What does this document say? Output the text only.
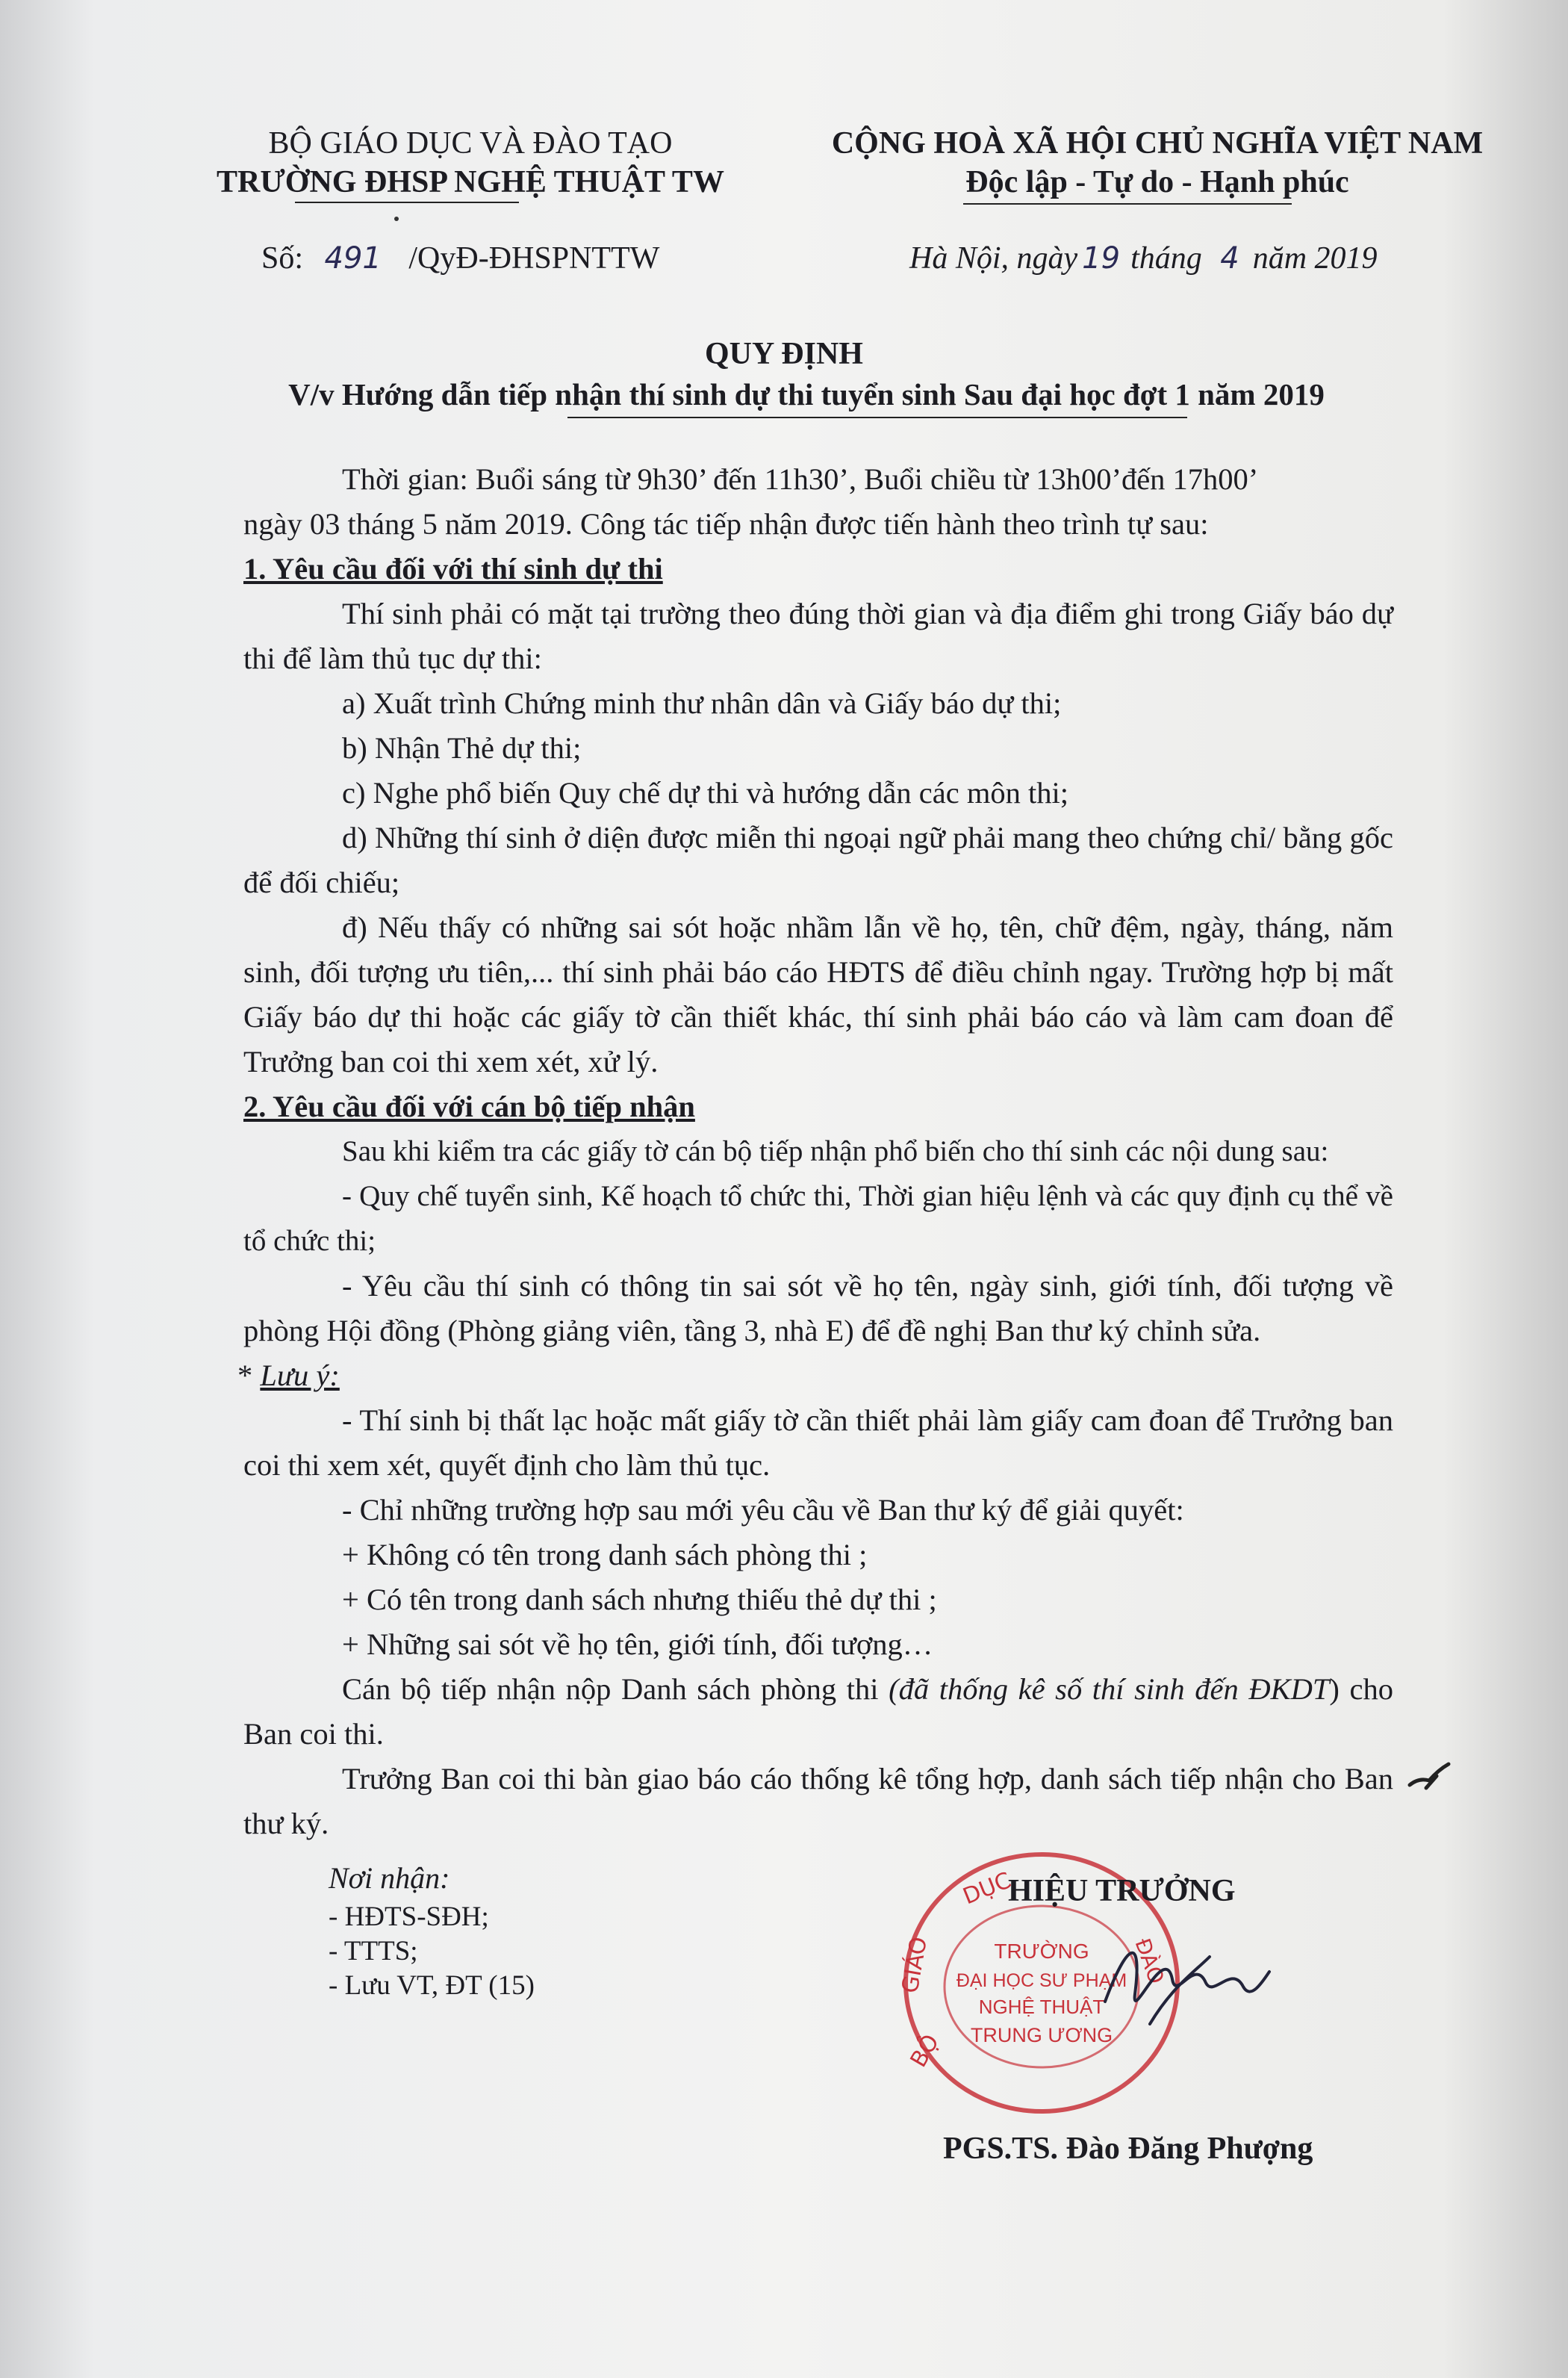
BỘ GIÁO DỤC VÀ ĐÀO TẠO
TRƯỜNG ĐHSP NGHỆ THUẬT TW
CỘNG HOÀ XÃ HỘI CHỦ NGHĨA VIỆT NAM
Độc lập - Tự do - Hạnh phúc
Số: 491 /QyĐ-ĐHSPNTTW	Hà Nội, ngày 19 tháng 4 năm 2019
QUY ĐỊNH
V/v Hướng dẫn tiếp nhận thí sinh dự thi tuyển sinh Sau đại học đợt 1 năm 2019

Thời gian: Buổi sáng từ 9h30’ đến 11h30’, Buổi chiều từ 13h00’đến 17h00’

ngày 03 tháng 5 năm 2019. Công tác tiếp nhận được tiến hành theo trình tự sau:

1. Yêu cầu đối với thí sinh dự thi

Thí sinh phải có mặt tại trường theo đúng thời gian và địa điểm ghi trong Giấy báo dự thi để làm thủ tục dự thi:

a) Xuất trình Chứng minh thư nhân dân và Giấy báo dự thi;

b) Nhận Thẻ dự thi;

c) Nghe phổ biến Quy chế dự thi và hướng dẫn các môn thi;

d) Những thí sinh ở diện được miễn thi ngoại ngữ phải mang theo chứng chỉ/ bằng gốc để đối chiếu;

đ) Nếu thấy có những sai sót hoặc nhầm lẫn về họ, tên, chữ đệm, ngày, tháng, năm sinh, đối tượng ưu tiên,... thí sinh phải báo cáo HĐTS để điều chỉnh ngay. Trường hợp bị mất Giấy báo dự thi hoặc các giấy tờ cần thiết khác, thí sinh phải báo cáo và làm cam đoan để Trưởng ban coi thi xem xét, xử lý.

2. Yêu cầu đối với cán bộ tiếp nhận

Sau khi kiểm tra các giấy tờ cán bộ tiếp nhận phổ biến cho thí sinh các nội dung sau:

- Quy chế tuyển sinh, Kế hoạch tổ chức thi, Thời gian hiệu lệnh và các quy định cụ thể về tổ chức thi;

- Yêu cầu thí sinh có thông tin sai sót về họ tên, ngày sinh, giới tính, đối tượng về phòng Hội đồng (Phòng giảng viên, tầng 3, nhà E) để đề nghị Ban thư ký chỉnh sửa.

* Lưu ý:

- Thí sinh bị thất lạc hoặc mất giấy tờ cần thiết phải làm giấy cam đoan để Trưởng ban coi thi xem xét, quyết định cho làm thủ tục.

- Chỉ những trường hợp sau mới yêu cầu về Ban thư ký để giải quyết:

+ Không có tên trong danh sách phòng thi ;

+ Có tên trong danh sách nhưng thiếu thẻ dự thi ;

+ Những sai sót về họ tên, giới tính, đối tượng…

Cán bộ tiếp nhận nộp Danh sách phòng thi (đã thống kê số thí sinh đến ĐKDT) cho Ban coi thi.

Trưởng Ban coi thi bàn giao báo cáo thống kê tổng hợp, danh sách tiếp nhận cho Ban thư ký.

Nơi nhận:
- HĐTS-SĐH;
- TTTS;
- Lưu VT, ĐT (15)
DỤC
GIÁO
BỘ
ĐÀO
TRƯỜNG
ĐẠI HỌC SƯ PHẠM
NGHỆ THUẬT
TRUNG ƯƠNG
HIỆU TRƯỞNG
PGS.TS. Đào Đăng Phượng
